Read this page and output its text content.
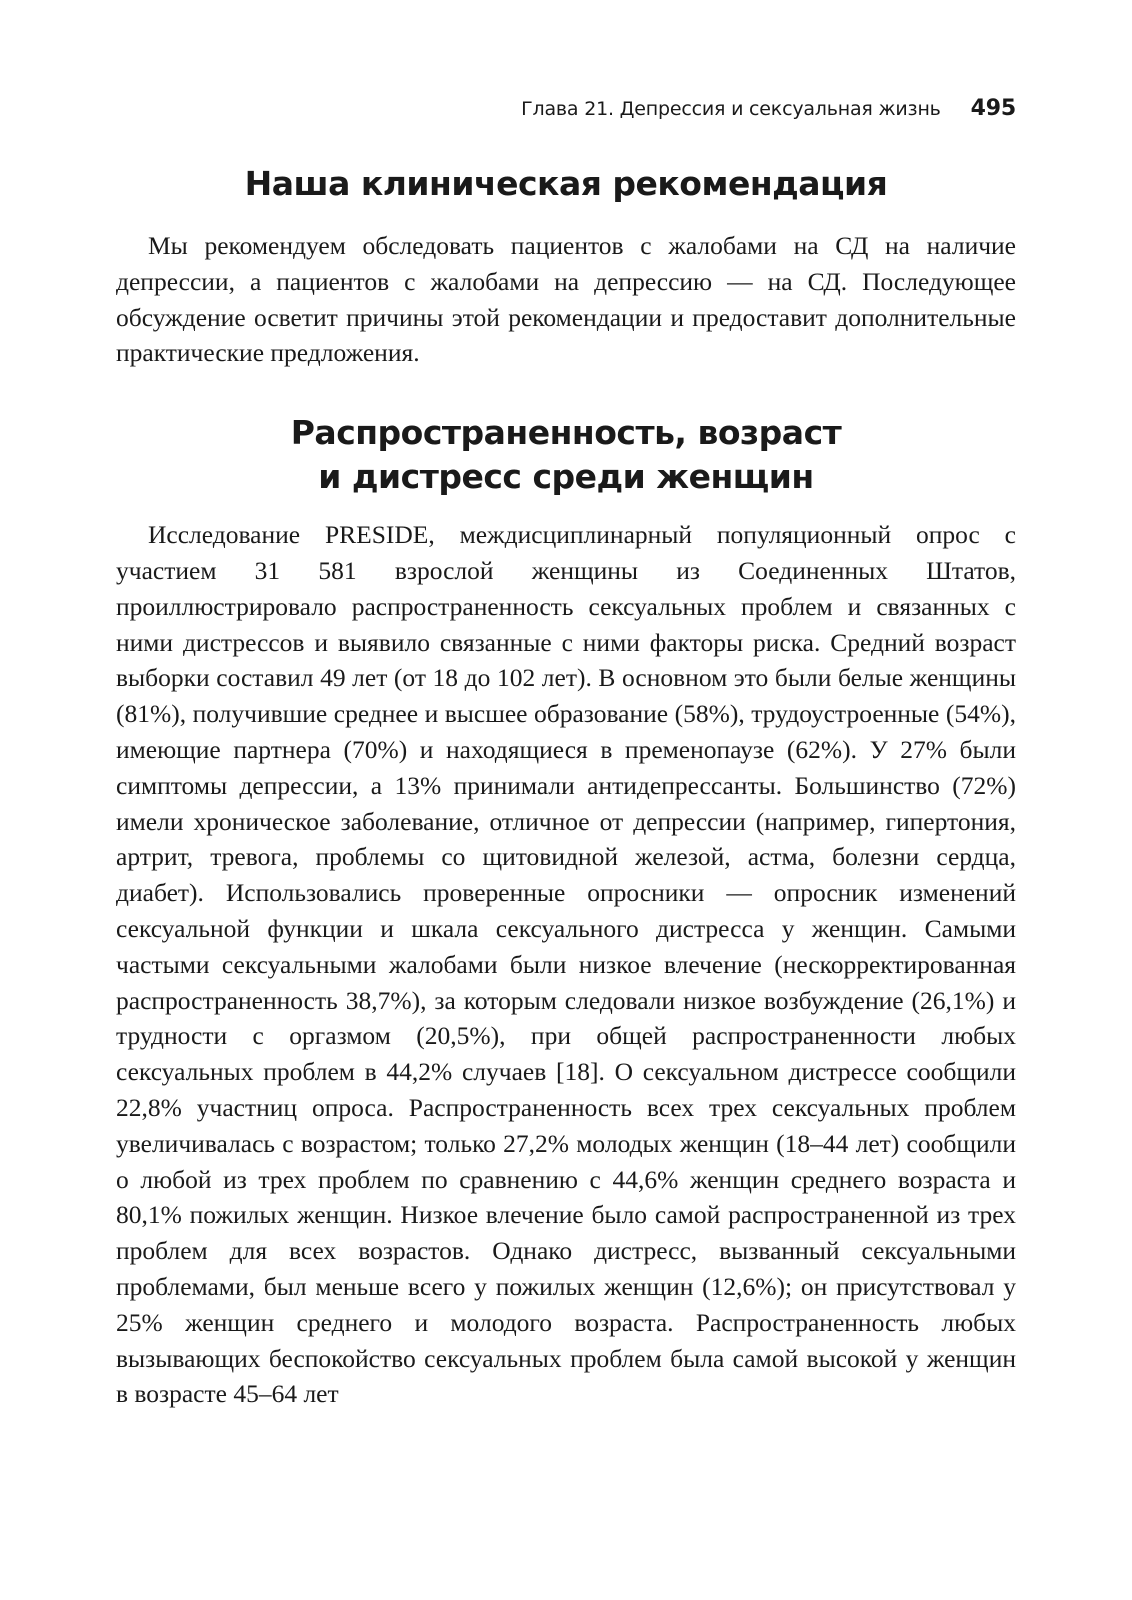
Глава 21. Депрессия и сексуальная жизнь 495
Наша клиническая рекомендация

Мы рекомендуем обследовать пациентов с жалобами на СД на наличие депрессии, а пациентов с жалобами на депрессию — на СД. Последующее обсуждение осветит причины этой рекомендации и предоставит дополнительные практические предложения.

Распространенность, возраст
и дистресс среди женщин

Исследование PRESIDE, междисциплинарный популяционный опрос с участием 31 581 взрослой женщины из Соединенных Штатов, проиллюстрировало распространенность сексуальных проблем и связанных с ними дистрессов и выявило связанные с ними факторы риска. Средний возраст выборки составил 49 лет (от 18 до 102 лет). В основном это были белые женщины (81%), получившие среднее и высшее образование (58%), трудоустроенные (54%), имеющие партнера (70%) и находящиеся в пременопаузе (62%). У 27% были симптомы депрессии, а 13% принимали антидепрессанты. Большинство (72%) имели хроническое заболевание, отличное от депрессии (например, гипертония, артрит, тревога, проблемы со щитовидной железой, астма, болезни сердца, диабет). Использовались проверенные опросники — опросник изменений сексуальной функции и шкала сексуального дистресса у женщин. Самыми частыми сексуальными жалобами были низкое влечение (нескорректированная распространенность 38,7%), за которым следовали низкое возбуждение (26,1%) и трудности с оргазмом (20,5%), при общей распространенности любых сексуальных проблем в 44,2% случаев [18]. О сексуальном дистрессе сообщили 22,8% участниц опроса. Распространенность всех трех сексуальных проблем увеличивалась с возрастом; только 27,2% молодых женщин (18–44 лет) сообщили о любой из трех проблем по сравнению с 44,6% женщин среднего возраста и 80,1% пожилых женщин. Низкое влечение было самой распространенной из трех проблем для всех возрастов. Однако дистресс, вызванный сексуальными проблемами, был меньше всего у пожилых женщин (12,6%); он присутствовал у 25% женщин среднего и молодого возраста. Распространенность любых вызывающих беспокойство сексуальных проблем была самой высокой у женщин в возрасте 45–64 лет
